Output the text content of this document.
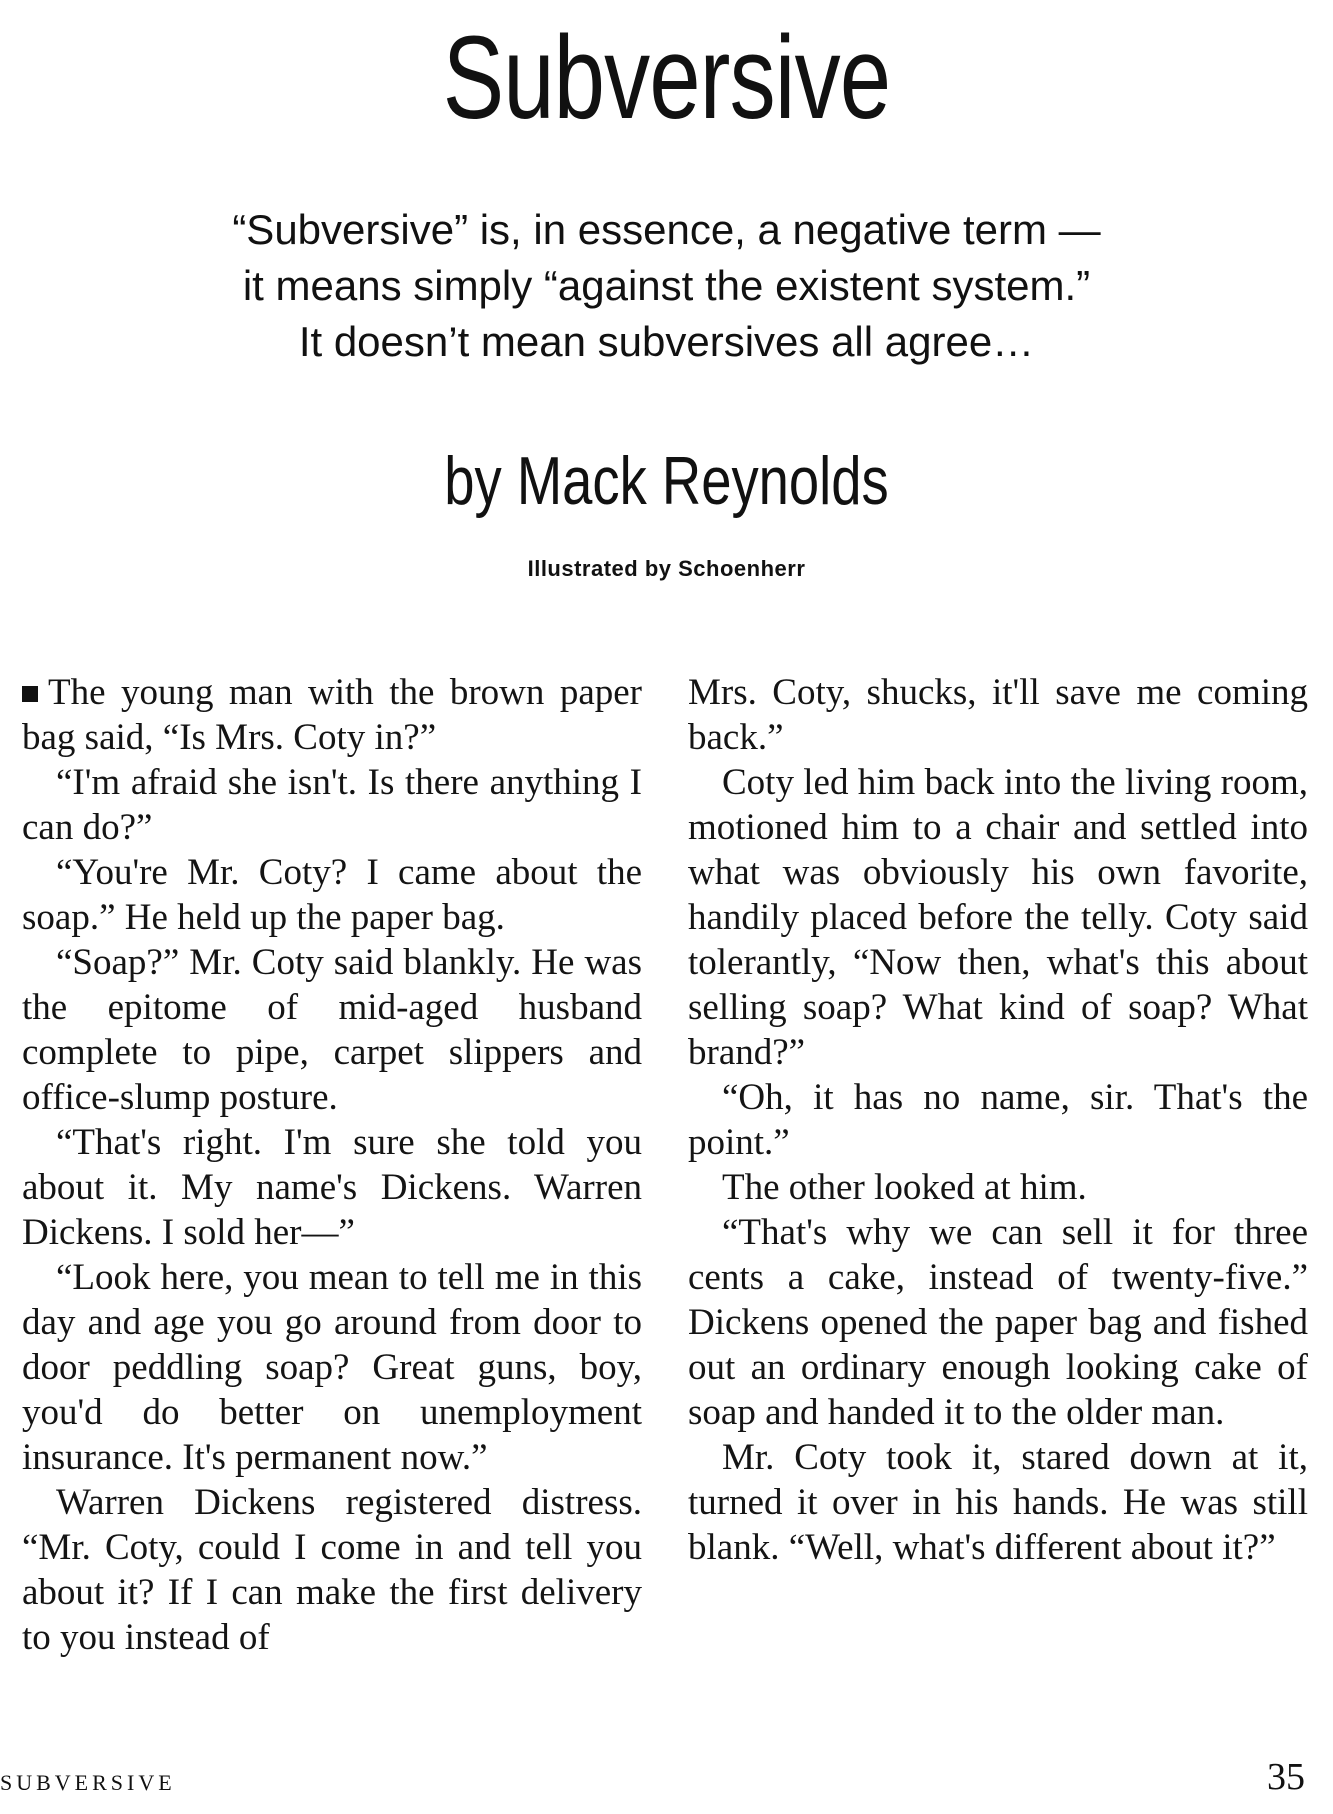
Subversive
“Subversive” is, in essence, a negative term —
it means simply “against the existent system.”
It doesn’t mean subversives all agree…
by Mack Reynolds
Illustrated by Schoenherr

The young man with the brown paper bag said, “Is Mrs. Coty in?”

“I'm afraid she isn't. Is there anything I can do?”

“You're Mr. Coty? I came about the soap.” He held up the paper bag.

“Soap?” Mr. Coty said blankly. He was the epitome of mid-aged husband complete to pipe, carpet slippers and office-slump posture.

“That's right. I'm sure she told you about it. My name's Dickens. Warren Dickens. I sold her—”

“Look here, you mean to tell me in this day and age you go around from door to door peddling soap? Great guns, boy, you'd do better on unemployment insurance. It's permanent now.”

Warren Dickens registered distress. “Mr. Coty, could I come in and tell you about it? If I can make the first delivery to you instead of

Mrs. Coty, shucks, it'll save me coming back.”

Coty led him back into the living room, motioned him to a chair and settled into what was obviously his own favorite, handily placed before the telly. Coty said tolerantly, “Now then, what's this about selling soap? What kind of soap? What brand?”

“Oh, it has no name, sir. That's the point.”

The other looked at him.

“That's why we can sell it for three cents a cake, instead of twenty-five.” Dickens opened the paper bag and fished out an ordinary enough looking cake of soap and handed it to the older man.

Mr. Coty took it, stared down at it, turned it over in his hands. He was still blank. “Well, what's different about it?”

SUBVERSIVE	35
